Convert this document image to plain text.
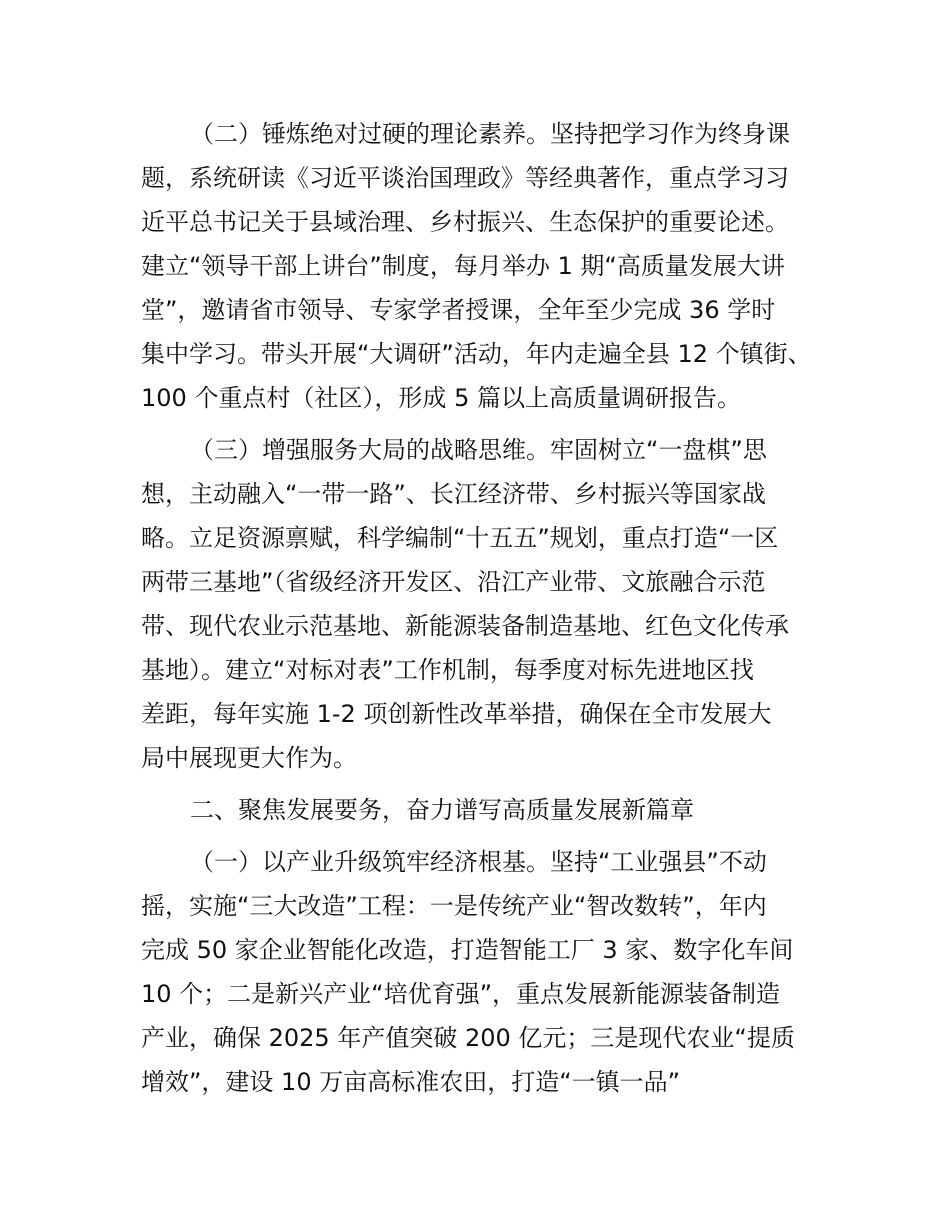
（二）锤炼绝对过硬的理论素养。坚持把学习作为终身课
题，系统研读《习近平谈治国理政》等经典著作，重点学习习
近平总书记关于县域治理、乡村振兴、生态保护的重要论述。
建立“领导干部上讲台”制度，每月举办 1 期“高质量发展大讲
堂”，邀请省市领导、专家学者授课，全年至少完成 36 学时
集中学习。带头开展“大调研”活动，年内走遍全县 12 个镇街、
100 个重点村（社区），形成 5 篇以上高质量调研报告。
（三）增强服务大局的战略思维。牢固树立“一盘棋”思
想，主动融入“一带一路”、长江经济带、乡村振兴等国家战
略。立足资源禀赋，科学编制“十五五”规划，重点打造“一区
两带三基地”（省级经济开发区、沿江产业带、文旅融合示范
带、现代农业示范基地、新能源装备制造基地、红色文化传承
基地）。建立“对标对表”工作机制，每季度对标先进地区找
差距，每年实施 1-2 项创新性改革举措，确保在全市发展大
局中展现更大作为。
二、聚焦发展要务，奋力谱写高质量发展新篇章
（一）以产业升级筑牢经济根基。坚持“工业强县”不动
摇，实施“三大改造”工程：一是传统产业“智改数转”，年内
完成 50 家企业智能化改造，打造智能工厂 3 家、数字化车间
10 个；二是新兴产业“培优育强”，重点发展新能源装备制造
产业，确保 2025 年产值突破 200 亿元；三是现代农业“提质
增效”，建设 10 万亩高标准农田，打造“一镇一品”
